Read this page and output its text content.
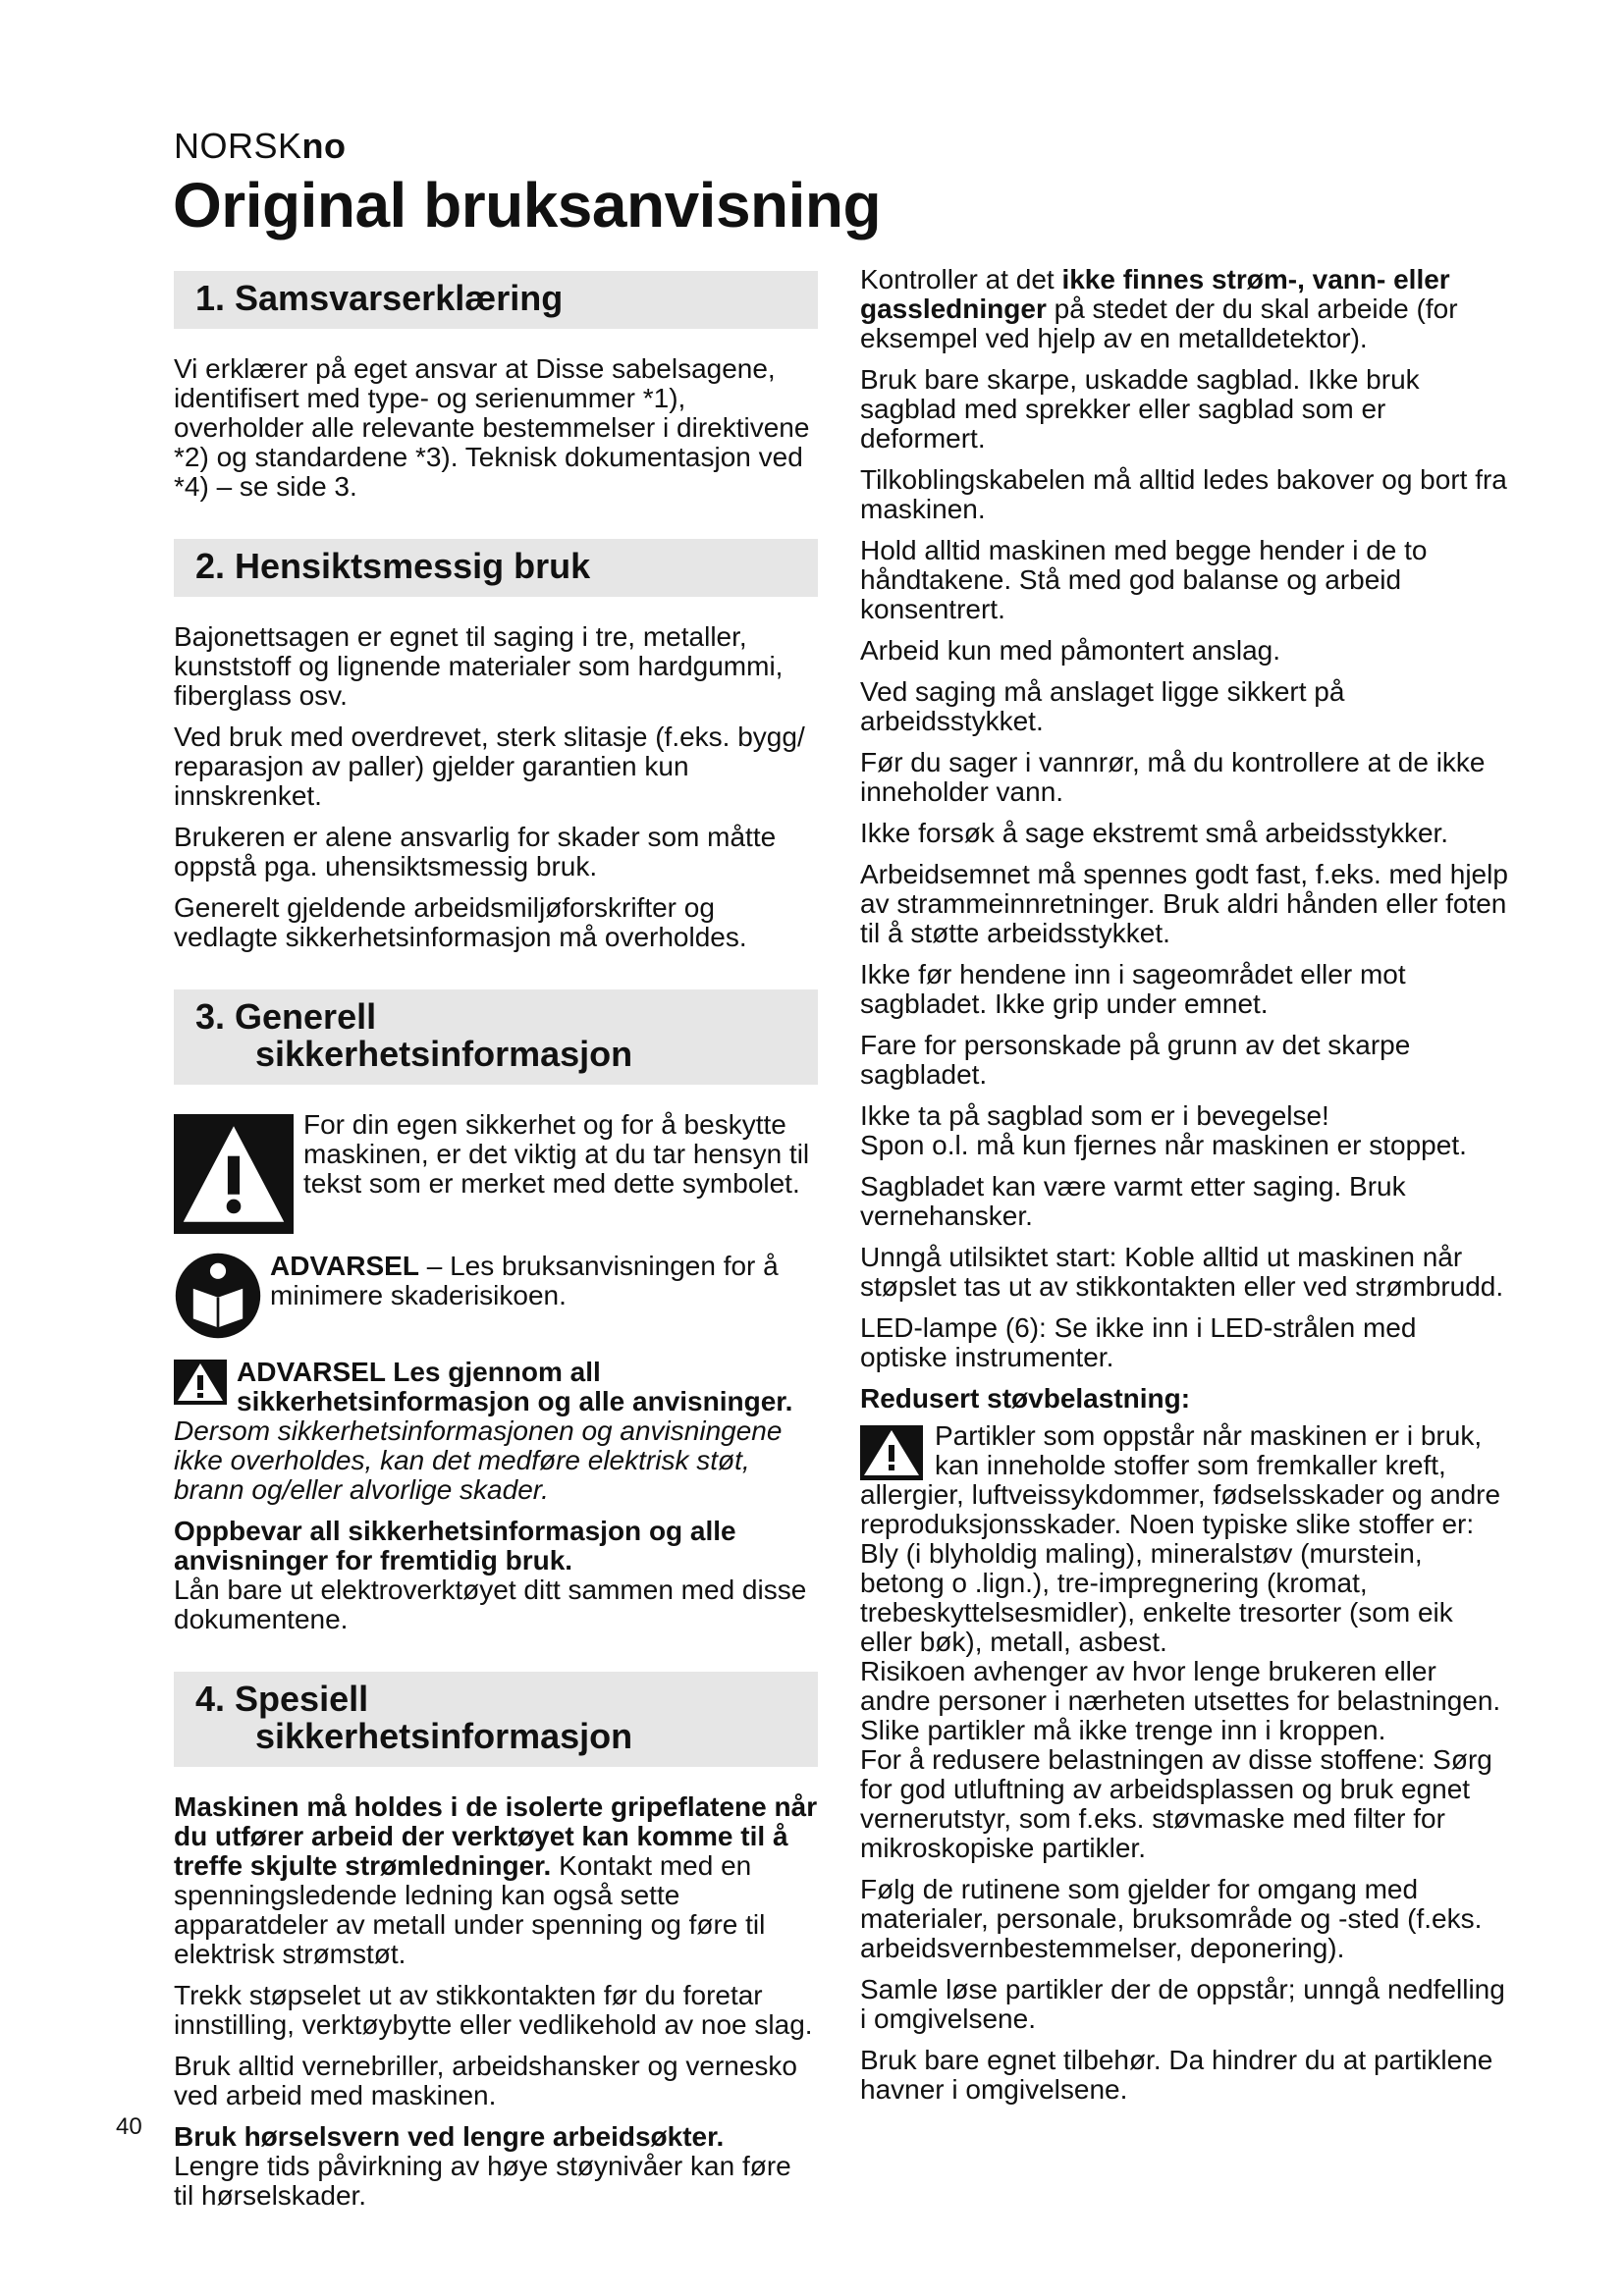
NORSKno
Original bruksanvisning
1. Samsvarserklæring

Vi erklærer på eget ansvar at Disse sabelsagene, identifisert med type- og serienummer *1), overholder alle relevante bestemmelser i direktivene *2) og standardene *3). Teknisk dokumentasjon ved *4) – se side 3.

2. Hensiktsmessig bruk

Bajonettsagen er egnet til saging i tre, metaller, kunststoff og lignende materialer som hardgummi, fiberglass osv.

Ved bruk med overdrevet, sterk slitasje (f.eks. bygg/ reparasjon av paller) gjelder garantien kun innskrenket.

Brukeren er alene ansvarlig for skader som måtte oppstå pga. uhensiktsmessig bruk.

Generelt gjeldende arbeidsmiljøforskrifter og vedlagte sikkerhetsinformasjon må overholdes.

3. Generell
sikkerhetsinformasjon
For din egen sikkerhet og for å beskytte maskinen, er det viktig at du tar hensyn til tekst som er merket med dette symbolet.
ADVARSEL – Les bruksanvisningen for å minimere skaderisikoen.

ADVARSEL Les gjennom all sikkerhetsinformasjon og alle anvisninger. Dersom sikkerhetsinformasjonen og anvisningene ikke overholdes, kan det medføre elektrisk støt, brann og/eller alvorlige skader.

Oppbevar all sikkerhetsinformasjon og alle anvisninger for fremtidig bruk.
Lån bare ut elektroverktøyet ditt sammen med disse dokumentene.

4. Spesiell
sikkerhetsinformasjon

Maskinen må holdes i de isolerte gripeflatene når du utfører arbeid der verktøyet kan komme til å treffe skjulte strømledninger. Kontakt med en spenningsledende ledning kan også sette apparatdeler av metall under spenning og føre til elektrisk strømstøt.

Trekk støpselet ut av stikkontakten før du foretar innstilling, verktøybytte eller vedlikehold av noe slag.

Bruk alltid vernebriller, arbeidshansker og vernesko ved arbeid med maskinen.

Bruk hørselsvern ved lengre arbeidsøkter.
Lengre tids påvirkning av høye støynivåer kan føre til hørselskader.

Kontroller at det ikke finnes strøm-, vann- eller gassledninger på stedet der du skal arbeide (for eksempel ved hjelp av en metalldetektor).

Bruk bare skarpe, uskadde sagblad. Ikke bruk sagblad med sprekker eller sagblad som er deformert.

Tilkoblingskabelen må alltid ledes bakover og bort fra maskinen.

Hold alltid maskinen med begge hender i de to håndtakene. Stå med god balanse og arbeid konsentrert.

Arbeid kun med påmontert anslag.

Ved saging må anslaget ligge sikkert på arbeidsstykket.

Før du sager i vannrør, må du kontrollere at de ikke inneholder vann.

Ikke forsøk å sage ekstremt små arbeidsstykker.

Arbeidsemnet må spennes godt fast, f.eks. med hjelp av strammeinnretninger. Bruk aldri hånden eller foten til å støtte arbeidsstykket.

Ikke før hendene inn i sageområdet eller mot sagbladet. Ikke grip under emnet.

Fare for personskade på grunn av det skarpe sagbladet.

Ikke ta på sagblad som er i bevegelse!
Spon o.l. må kun fjernes når maskinen er stoppet.

Sagbladet kan være varmt etter saging. Bruk vernehansker.

Unngå utilsiktet start: Koble alltid ut maskinen når støpslet tas ut av stikkontakten eller ved strømbrudd.

LED-lampe (6): Se ikke inn i LED-strålen med optiske instrumenter.

Redusert støvbelastning:

Partikler som oppstår når maskinen er i bruk, kan inneholde stoffer som fremkaller kreft, allergier, luftveissykdommer, fødselsskader og andre reproduksjonsskader. Noen typiske slike stoffer er: Bly (i blyholdig maling), mineralstøv (murstein, betong o .lign.), tre-impregnering (kromat, trebeskyttelsesmidler), enkelte tresorter (som eik eller bøk), metall, asbest.

Risikoen avhenger av hvor lenge brukeren eller andre personer i nærheten utsettes for belastningen.

Slike partikler må ikke trenge inn i kroppen.

For å redusere belastningen av disse stoffene: Sørg for god utluftning av arbeidsplassen og bruk egnet vernerutstyr, som f.eks. støvmaske med filter for mikroskopiske partikler.

Følg de rutinene som gjelder for omgang med materialer, personale, bruksområde og -sted (f.eks. arbeidsvernbestemmelser, deponering).

Samle løse partikler der de oppstår; unngå nedfelling i omgivelsene.

Bruk bare egnet tilbehør. Da hindrer du at partiklene havner i omgivelsene.

40
